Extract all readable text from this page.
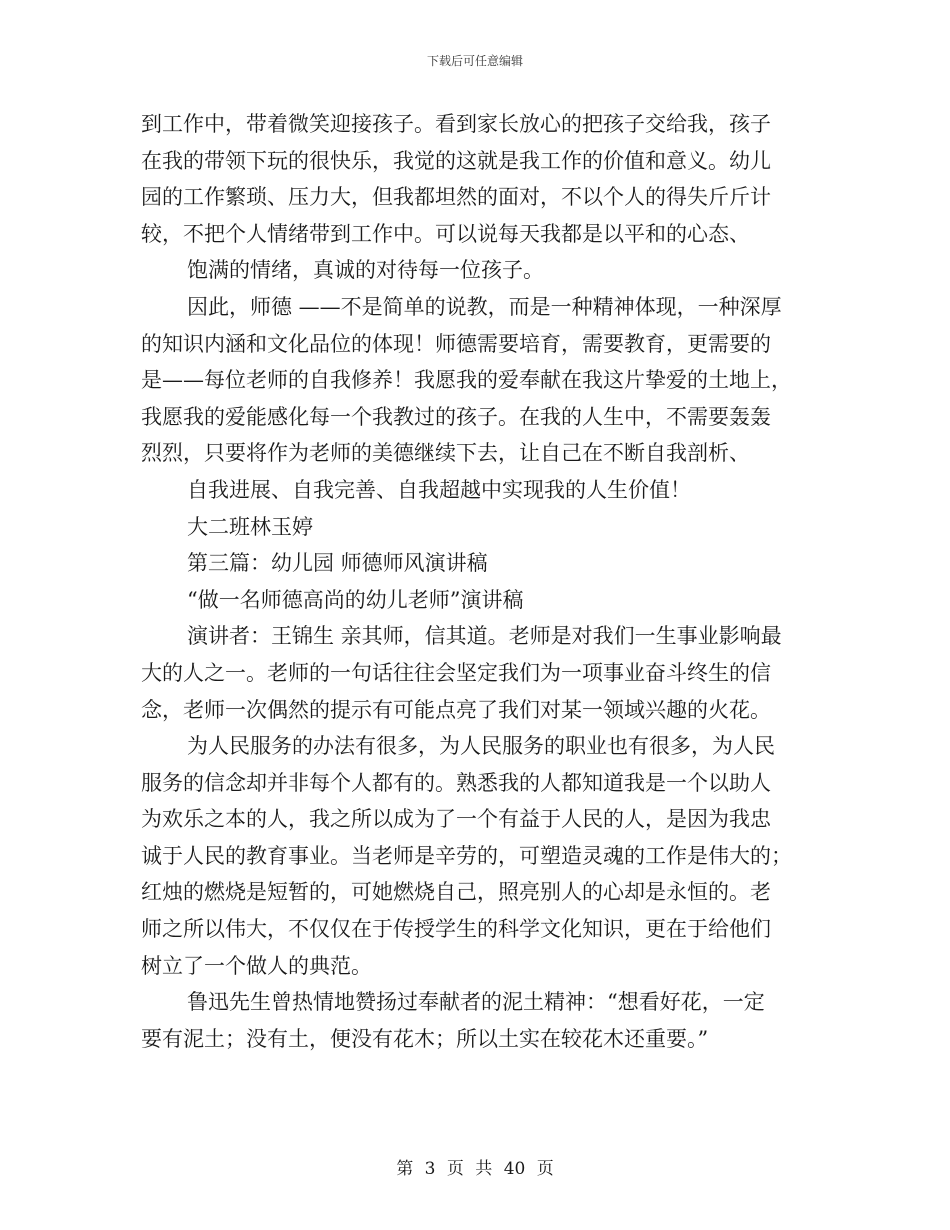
下载后可任意编辑
到工作中，带着微笑迎接孩子。看到家长放心的把孩子交给我，孩子
在我的带领下玩的很快乐，我觉的这就是我工作的价值和意义。幼儿
园的工作繁琐、压力大，但我都坦然的面对，不以个人的得失斤斤计
较，不把个人情绪带到工作中。可以说每天我都是以平和的心态、
饱满的情绪，真诚的对待每一位孩子。
因此，师德 ——不是简单的说教，而是一种精神体现，一种深厚
的知识内涵和文化品位的体现！师德需要培育，需要教育，更需要的
是——每位老师的自我修养！我愿我的爱奉献在我这片挚爱的土地上，
我愿我的爱能感化每一个我教过的孩子。在我的人生中，不需要轰轰
烈烈，只要将作为老师的美德继续下去，让自己在不断自我剖析、
自我进展、自我完善、自我超越中实现我的人生价值！
大二班林玉婷
第三篇：幼儿园 师德师风演讲稿
“做一名师德高尚的幼儿老师”演讲稿
演讲者：王锦生 亲其师，信其道。老师是对我们一生事业影响最
大的人之一。老师的一句话往往会坚定我们为一项事业奋斗终生的信
念，老师一次偶然的提示有可能点亮了我们对某一领域兴趣的火花。
为人民服务的办法有很多，为人民服务的职业也有很多，为人民
服务的信念却并非每个人都有的。熟悉我的人都知道我是一个以助人
为欢乐之本的人，我之所以成为了一个有益于人民的人，是因为我忠
诚于人民的教育事业。当老师是辛劳的，可塑造灵魂的工作是伟大的；
红烛的燃烧是短暂的，可她燃烧自己，照亮别人的心却是永恒的。老
师之所以伟大，不仅仅在于传授学生的科学文化知识，更在于给他们
树立了一个做人的典范。
鲁迅先生曾热情地赞扬过奉献者的泥土精神：“想看好花，一定
要有泥土；没有土，便没有花木；所以土实在较花木还重要。”
第 3 页 共 40 页
